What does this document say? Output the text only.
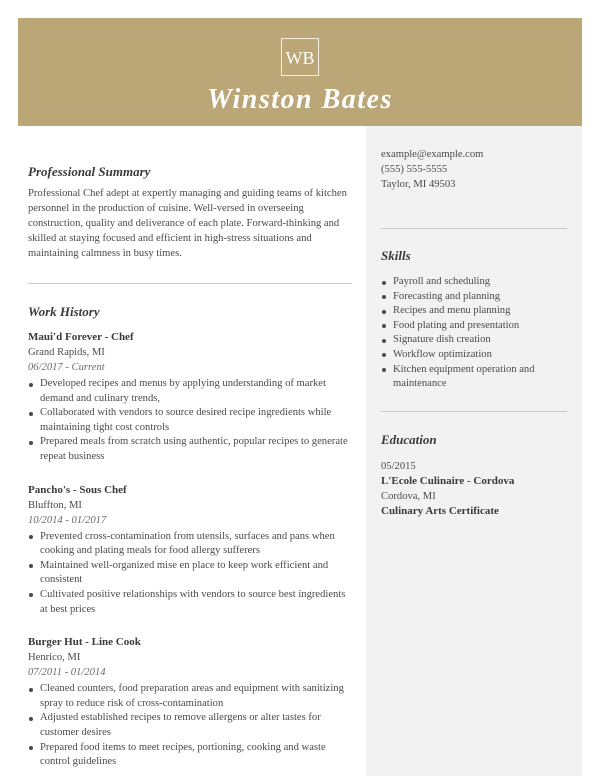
WB
Winston Bates
example@example.com
(555) 555-5555
Taylor, MI 49503
Skills
Payroll and scheduling
Forecasting and planning
Recipes and menu planning
Food plating and presentation
Signature dish creation
Workflow optimization
Kitchen equipment operation and maintenance
Education
05/2015
L'Ecole Culinaire - Cordova
Cordova, MI
Culinary Arts Certificate
Professional Summary
Professional Chef adept at expertly managing and guiding teams of kitchen personnel in the production of cuisine. Well-versed in overseeing construction, quality and deliverance of each plate. Forward-thinking and skilled at staying focused and efficient in high-stress situations and maintaining calmness in busy times.
Work History
Maui'd Forever - Chef
Grand Rapids, MI
06/2017 - Current
Developed recipes and menus by applying understanding of market demand and culinary trends,
Collaborated with vendors to source desired recipe ingredients while maintaining tight cost controls
Prepared meals from scratch using authentic, popular recipes to generate repeat business
Pancho's - Sous Chef
Bluffton, MI
10/2014 - 01/2017
Prevented cross-contamination from utensils, surfaces and pans when cooking and plating meals for food allergy sufferers
Maintained well-organized mise en place to keep work efficient and consistent
Cultivated positive relationships with vendors to source best ingredients at best prices
Burger Hut - Line Cook
Henrico, MI
07/2011 - 01/2014
Cleaned counters, food preparation areas and equipment with sanitizing spray to reduce risk of cross-contamination
Adjusted established recipes to remove allergens or alter tastes for customer desires
Prepared food items to meet recipes, portioning, cooking and waste control guidelines
